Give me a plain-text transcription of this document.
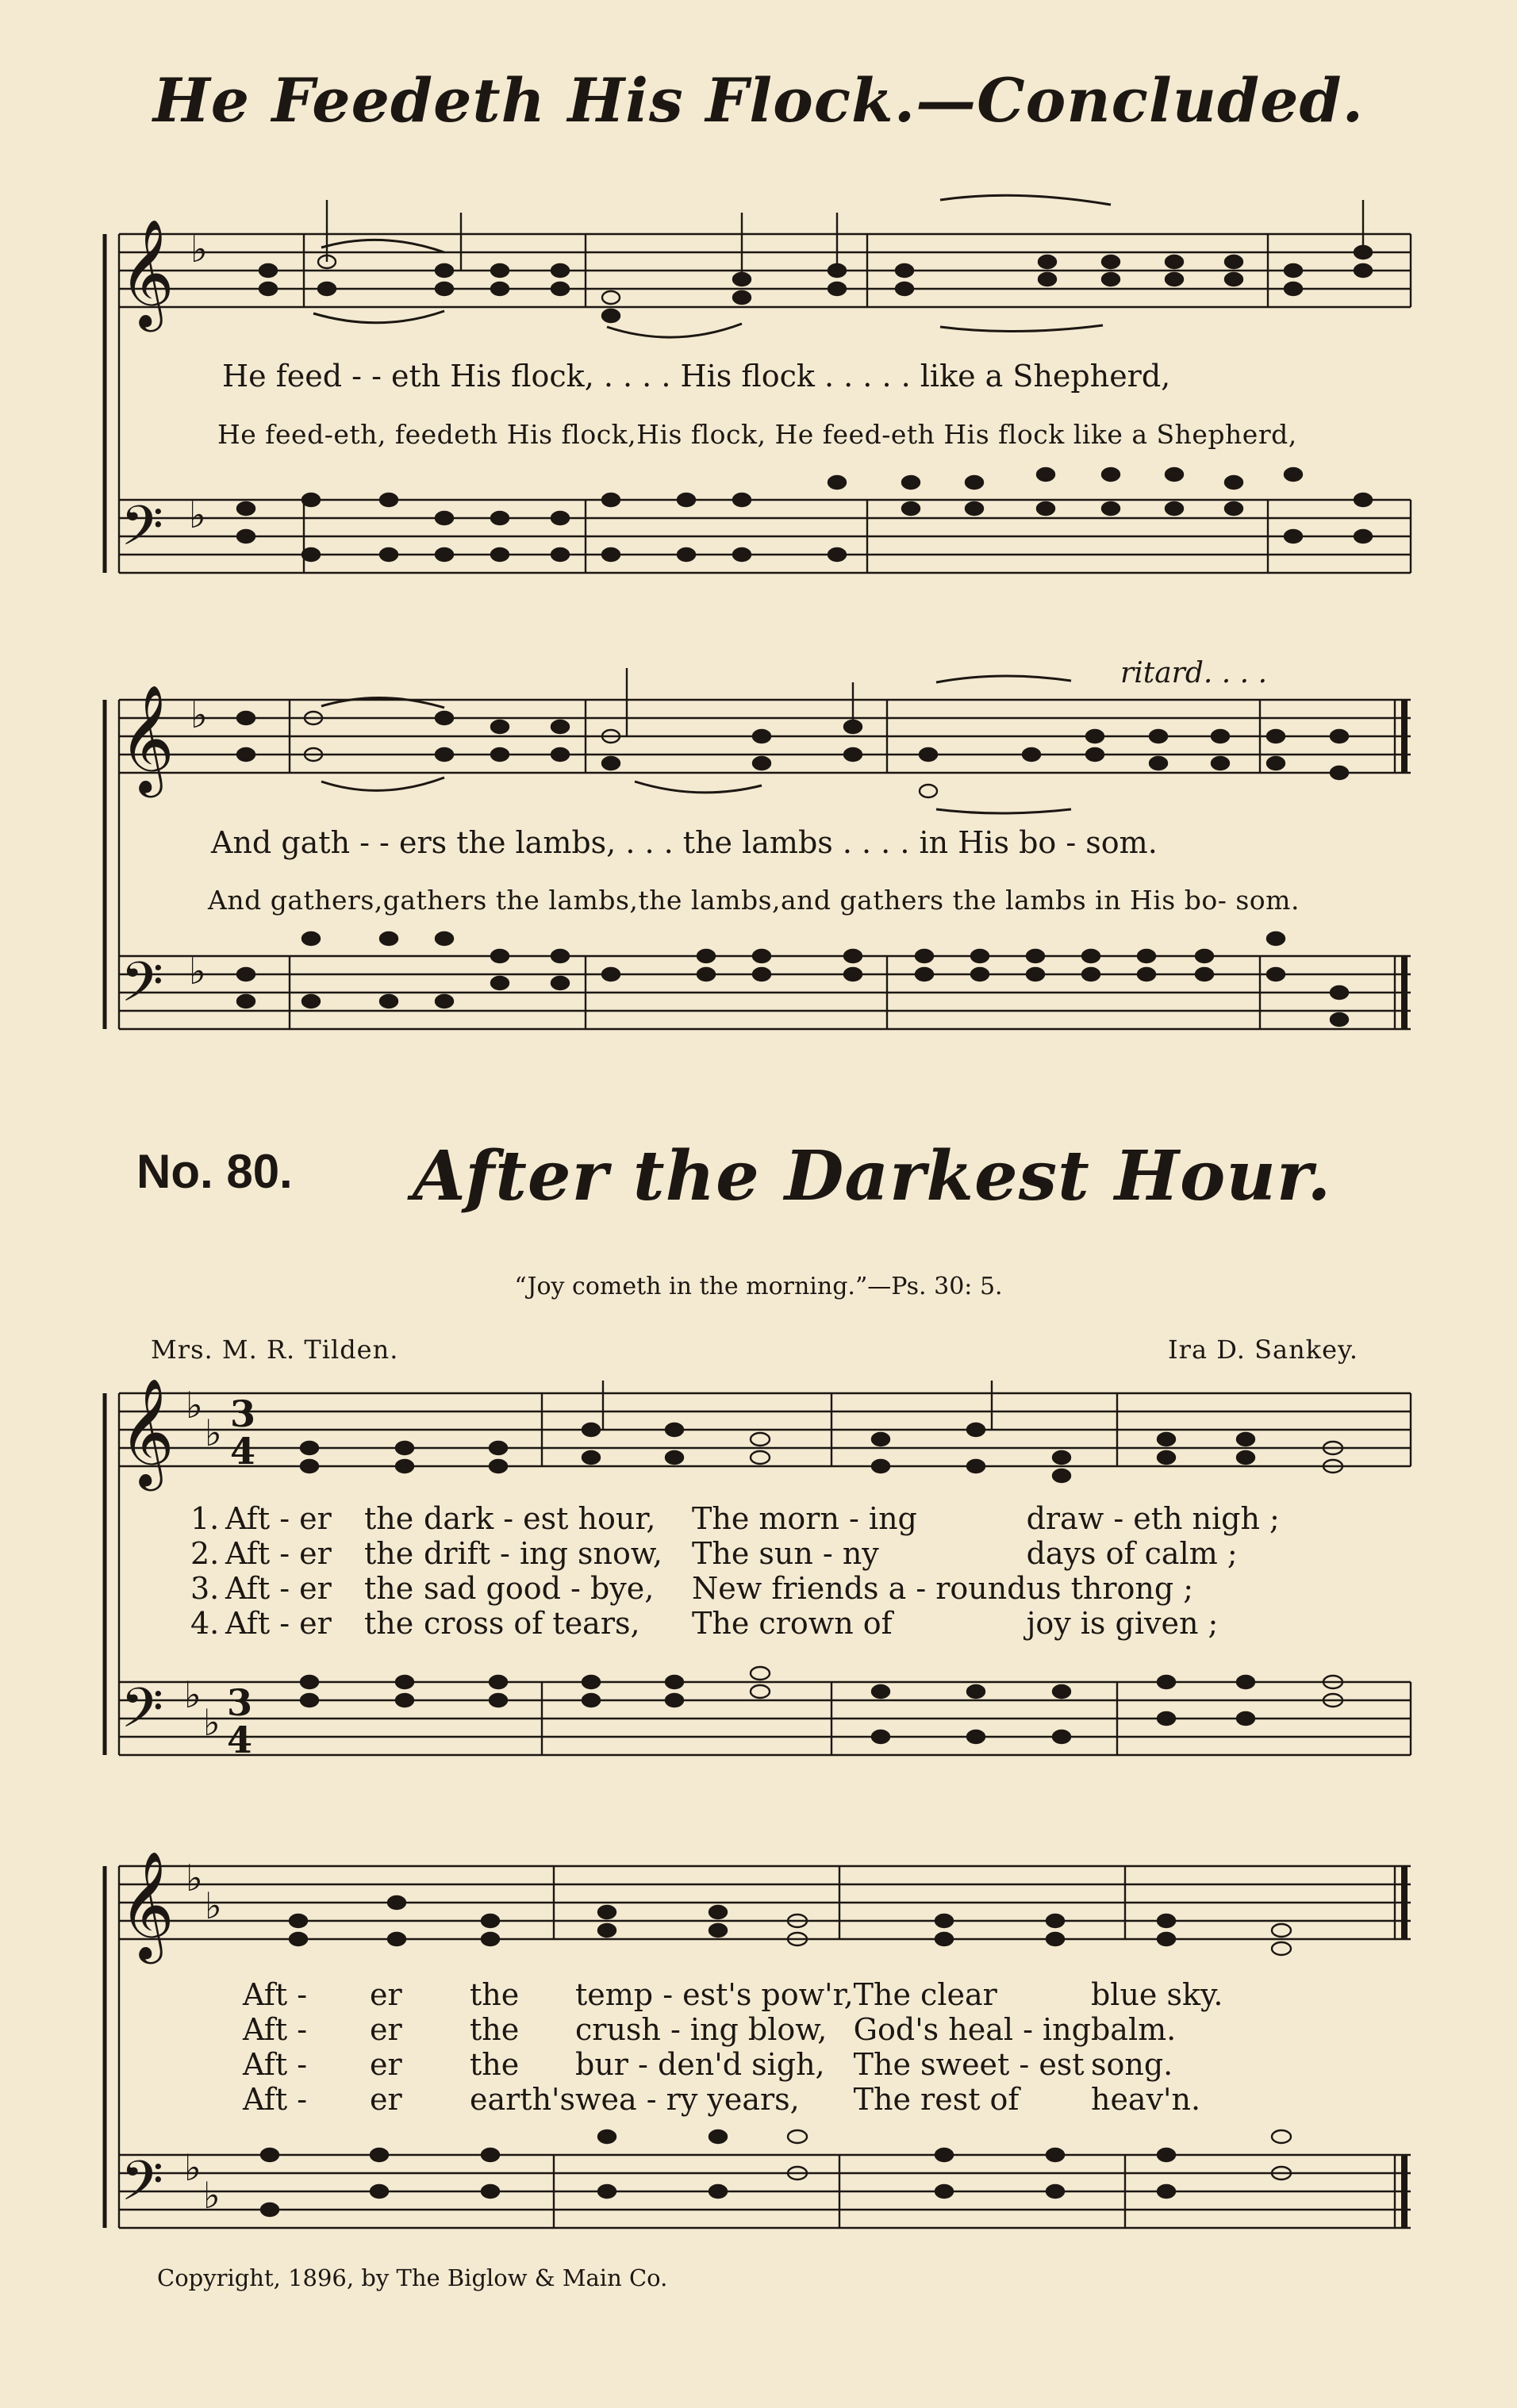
He Feedeth His Flock.—Concluded.
𝄞
𝄞
𝄞
𝄞
𝄢
𝄢
𝄢
𝄢
♭
♭
♭
♭
♭
♭
♭
♭
♭
♭
♭
♭
3
4
3
4
ritard. . . .

He feed - - eth His flock, . . . . His flock . . . . . like a Shepherd,

He feed-eth, feedeth His flock,His flock, He feed-eth His flock like a Shepherd,

And gath - - ers the lambs, . . . the lambs . . . . in His bo - som.

And gathers,gathers the lambs,the lambs,and gathers the lambs in His bo- som.

No. 80. After the Darkest Hour.
“Joy cometh in the morning.”—Ps. 30: 5.
Mrs. M. R. Tilden.	Ira D. Sankey.
1.	Aft - er	the	dark - est hour,	The morn - ing	draw - eth nigh ;
2.	Aft - er	the	drift - ing snow,	The sun - ny	days of calm ;
3.	Aft - er	the	sad good - bye,	New friends a - round	us throng ;
4.	Aft - er	the	cross of tears,	The crown of	joy is given ;
Aft -	er	the	temp - est's pow'r,	The clear	blue sky.
Aft -	er	the	crush - ing blow,	God's heal - ing	balm.
Aft -	er	the	bur - den'd sigh,	The sweet - est	song.
Aft -	er	earth's	wea - ry years,	The rest of	heav'n.
Copyright, 1896, by The Biglow & Main Co.
